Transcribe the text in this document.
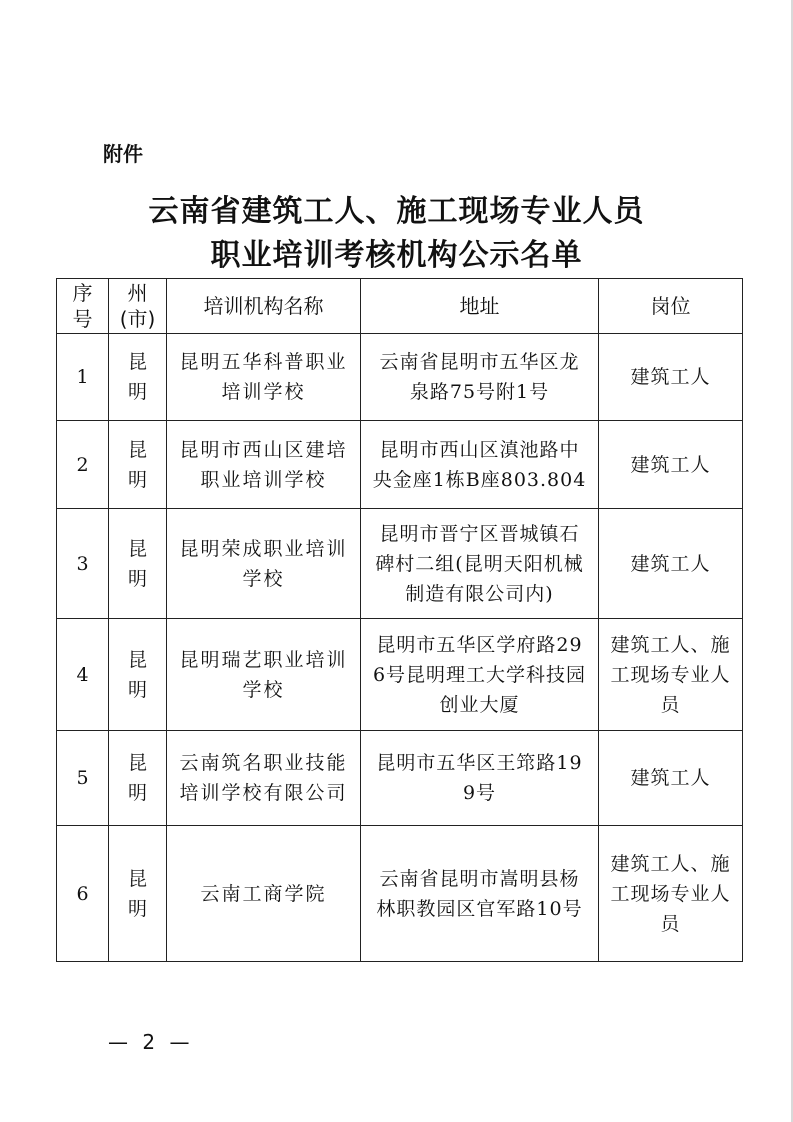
附件
云南省建筑工人、施工现场专业人员
职业培训考核机构公示名单
序号	州(市)	培训机构名称	地址	岗位
1	昆明	昆明五华科普职业培训学校	云南省昆明市五华区龙泉路75号附1号	建筑工人
2	昆明	昆明市西山区建培职业培训学校	昆明市西山区滇池路中央金座1栋B座803.804	建筑工人
3	昆明	昆明荣成职业培训学校	昆明市晋宁区晋城镇石碑村二组(昆明天阳机械制造有限公司内)	建筑工人
4	昆明	昆明瑞艺职业培训学校	昆明市五华区学府路296号昆明理工大学科技园创业大厦	建筑工人、施工现场专业人员
5	昆明	云南筑名职业技能培训学校有限公司	昆明市五华区王筇路199号	建筑工人
6	昆明	云南工商学院	云南省昆明市嵩明县杨林职教园区官军路10号	建筑工人、施工现场专业人员
— 2 —
